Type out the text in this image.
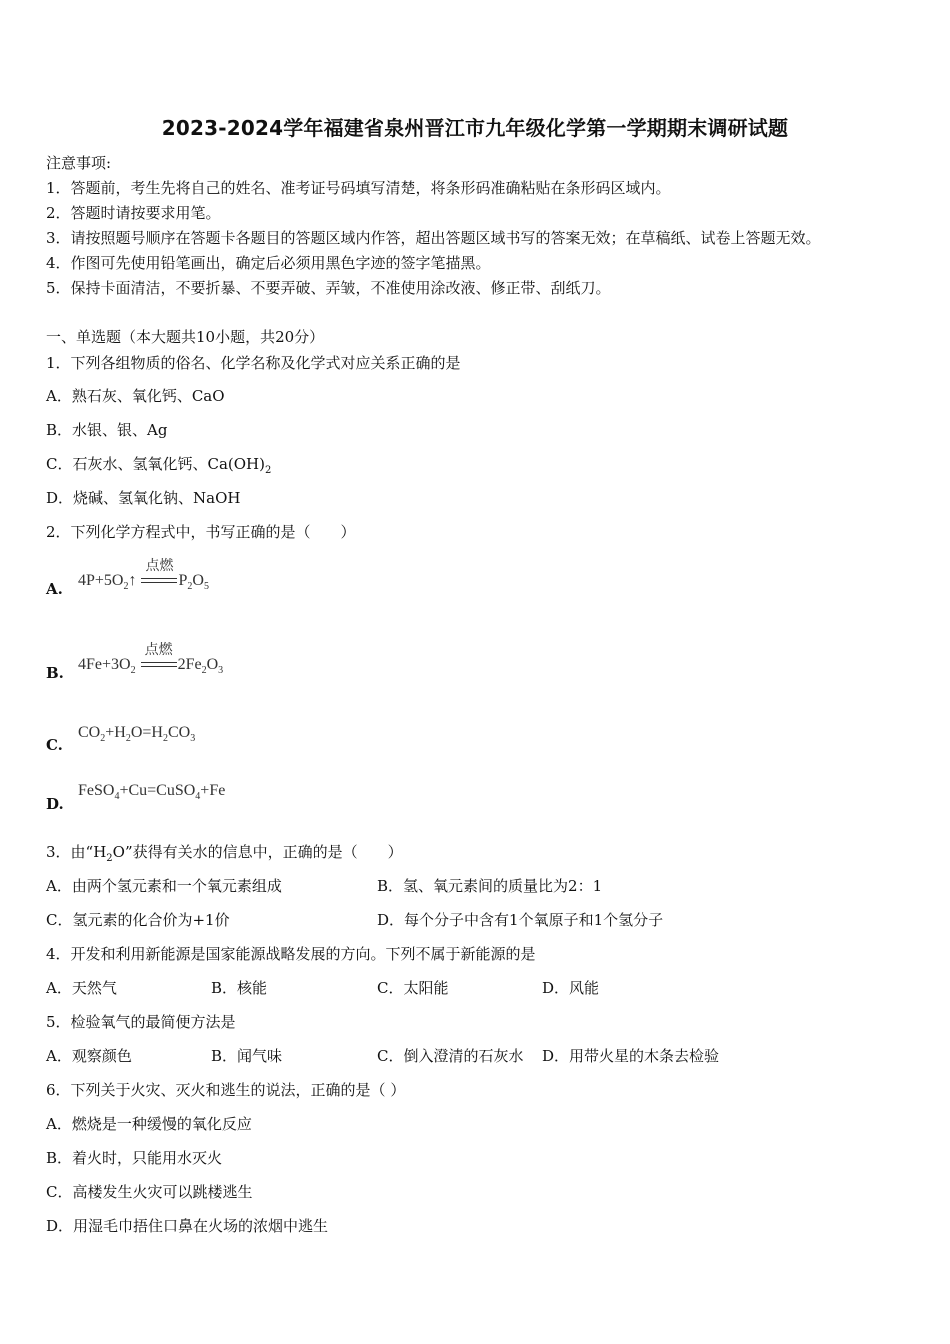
2023-2024学年福建省泉州晋江市九年级化学第一学期期末调研试题
注意事项:
1．答题前，考生先将自己的姓名、准考证号码填写清楚，将条形码准确粘贴在条形码区域内。
2．答题时请按要求用笔。
3．请按照题号顺序在答题卡各题目的答题区域内作答，超出答题区域书写的答案无效；在草稿纸、试卷上答题无效。
4．作图可先使用铅笔画出，确定后必须用黑色字迹的签字笔描黑。
5．保持卡面清洁，不要折暴、不要弄破、弄皱，不准使用涂改液、修正带、刮纸刀。
一、单选题（本大题共10小题，共20分）
1．下列各组物质的俗名、化学名称及化学式对应关系正确的是
A．熟石灰、氧化钙、CaO
B．水银、银、Ag
C．石灰水、氢氧化钙、$Ca(OH)_2$
D．烧碱、氢氧化钠、NaOH
2．下列化学方程式中，书写正确的是（　　）
A. $4P+5O_2↑$
点燃
$P_2O_5$
B. $4Fe+3O_2$
点燃
$2Fe_2O_3$
C.
$CO_2+H_2O=H_2CO_3$
D.
FeSO$_4$+Cu=CuSO$_4$+Fe
3．由“$H_2O$”获得有关水的信息中，正确的是（　　）
A．由两个氢元素和一个氧元素组成	B．氢、氧元素间的质量比为2：1
C．氢元素的化合价为+1价	D．每个分子中含有1个氧原子和1个氢分子
4．开发和利用新能源是国家能源战略发展的方向。下列不属于新能源的是
A．天然气	B．核能	C．太阳能	D．风能
5．检验氧气的最简便方法是
A．观察颜色	B．闻气味	C．倒入澄清的石灰水 D．用带火星的木条去检验
6．下列关于火灾、灭火和逃生的说法，正确的是（ ）
A．燃烧是一种缓慢的氧化反应
B．着火时，只能用水灭火
C．高楼发生火灾可以跳楼逃生
D．用湿毛巾捂住口鼻在火场的浓烟中逃生
